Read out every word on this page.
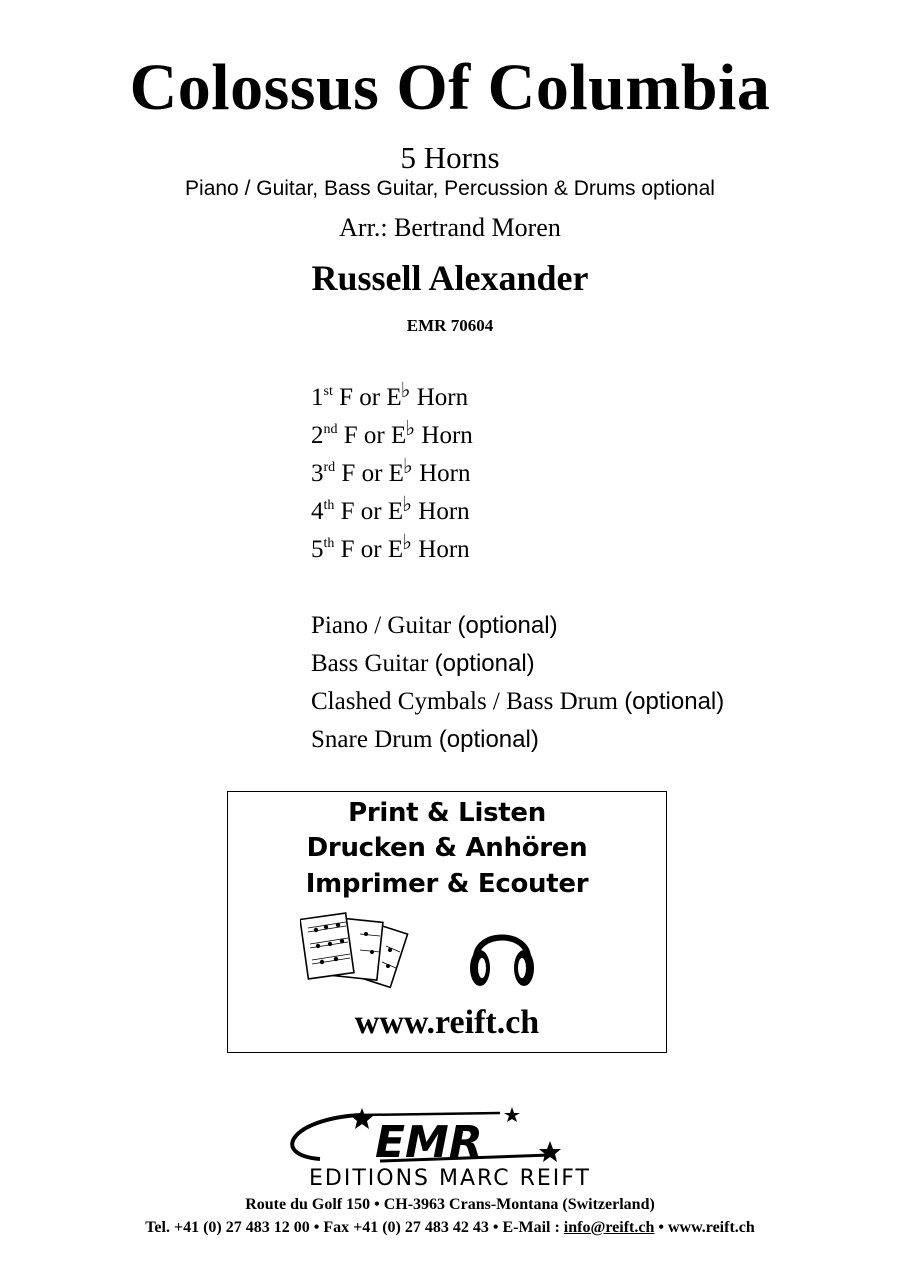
Colossus Of Columbia
5 Horns
Piano / Guitar, Bass Guitar, Percussion & Drums optional
Arr.: Bertrand Moren
Russell Alexander
EMR 70604
1st F or E♭ Horn
2nd F or E♭ Horn
3rd F or E♭ Horn
4th F or E♭ Horn
5th F or E♭ Horn
Piano / Guitar (optional)
Bass Guitar (optional)
Clashed Cymbals / Bass Drum (optional)
Snare Drum (optional)
Print & Listen
Drucken & Anhören
Imprimer & Ecouter
www.reift.ch
EMR
EDITIONS MARC REIFT
Route du Golf 150 • CH-3963 Crans-Montana (Switzerland)
Tel. +41 (0) 27 483 12 00 • Fax +41 (0) 27 483 42 43 • E-Mail : info@reift.ch • www.reift.ch
